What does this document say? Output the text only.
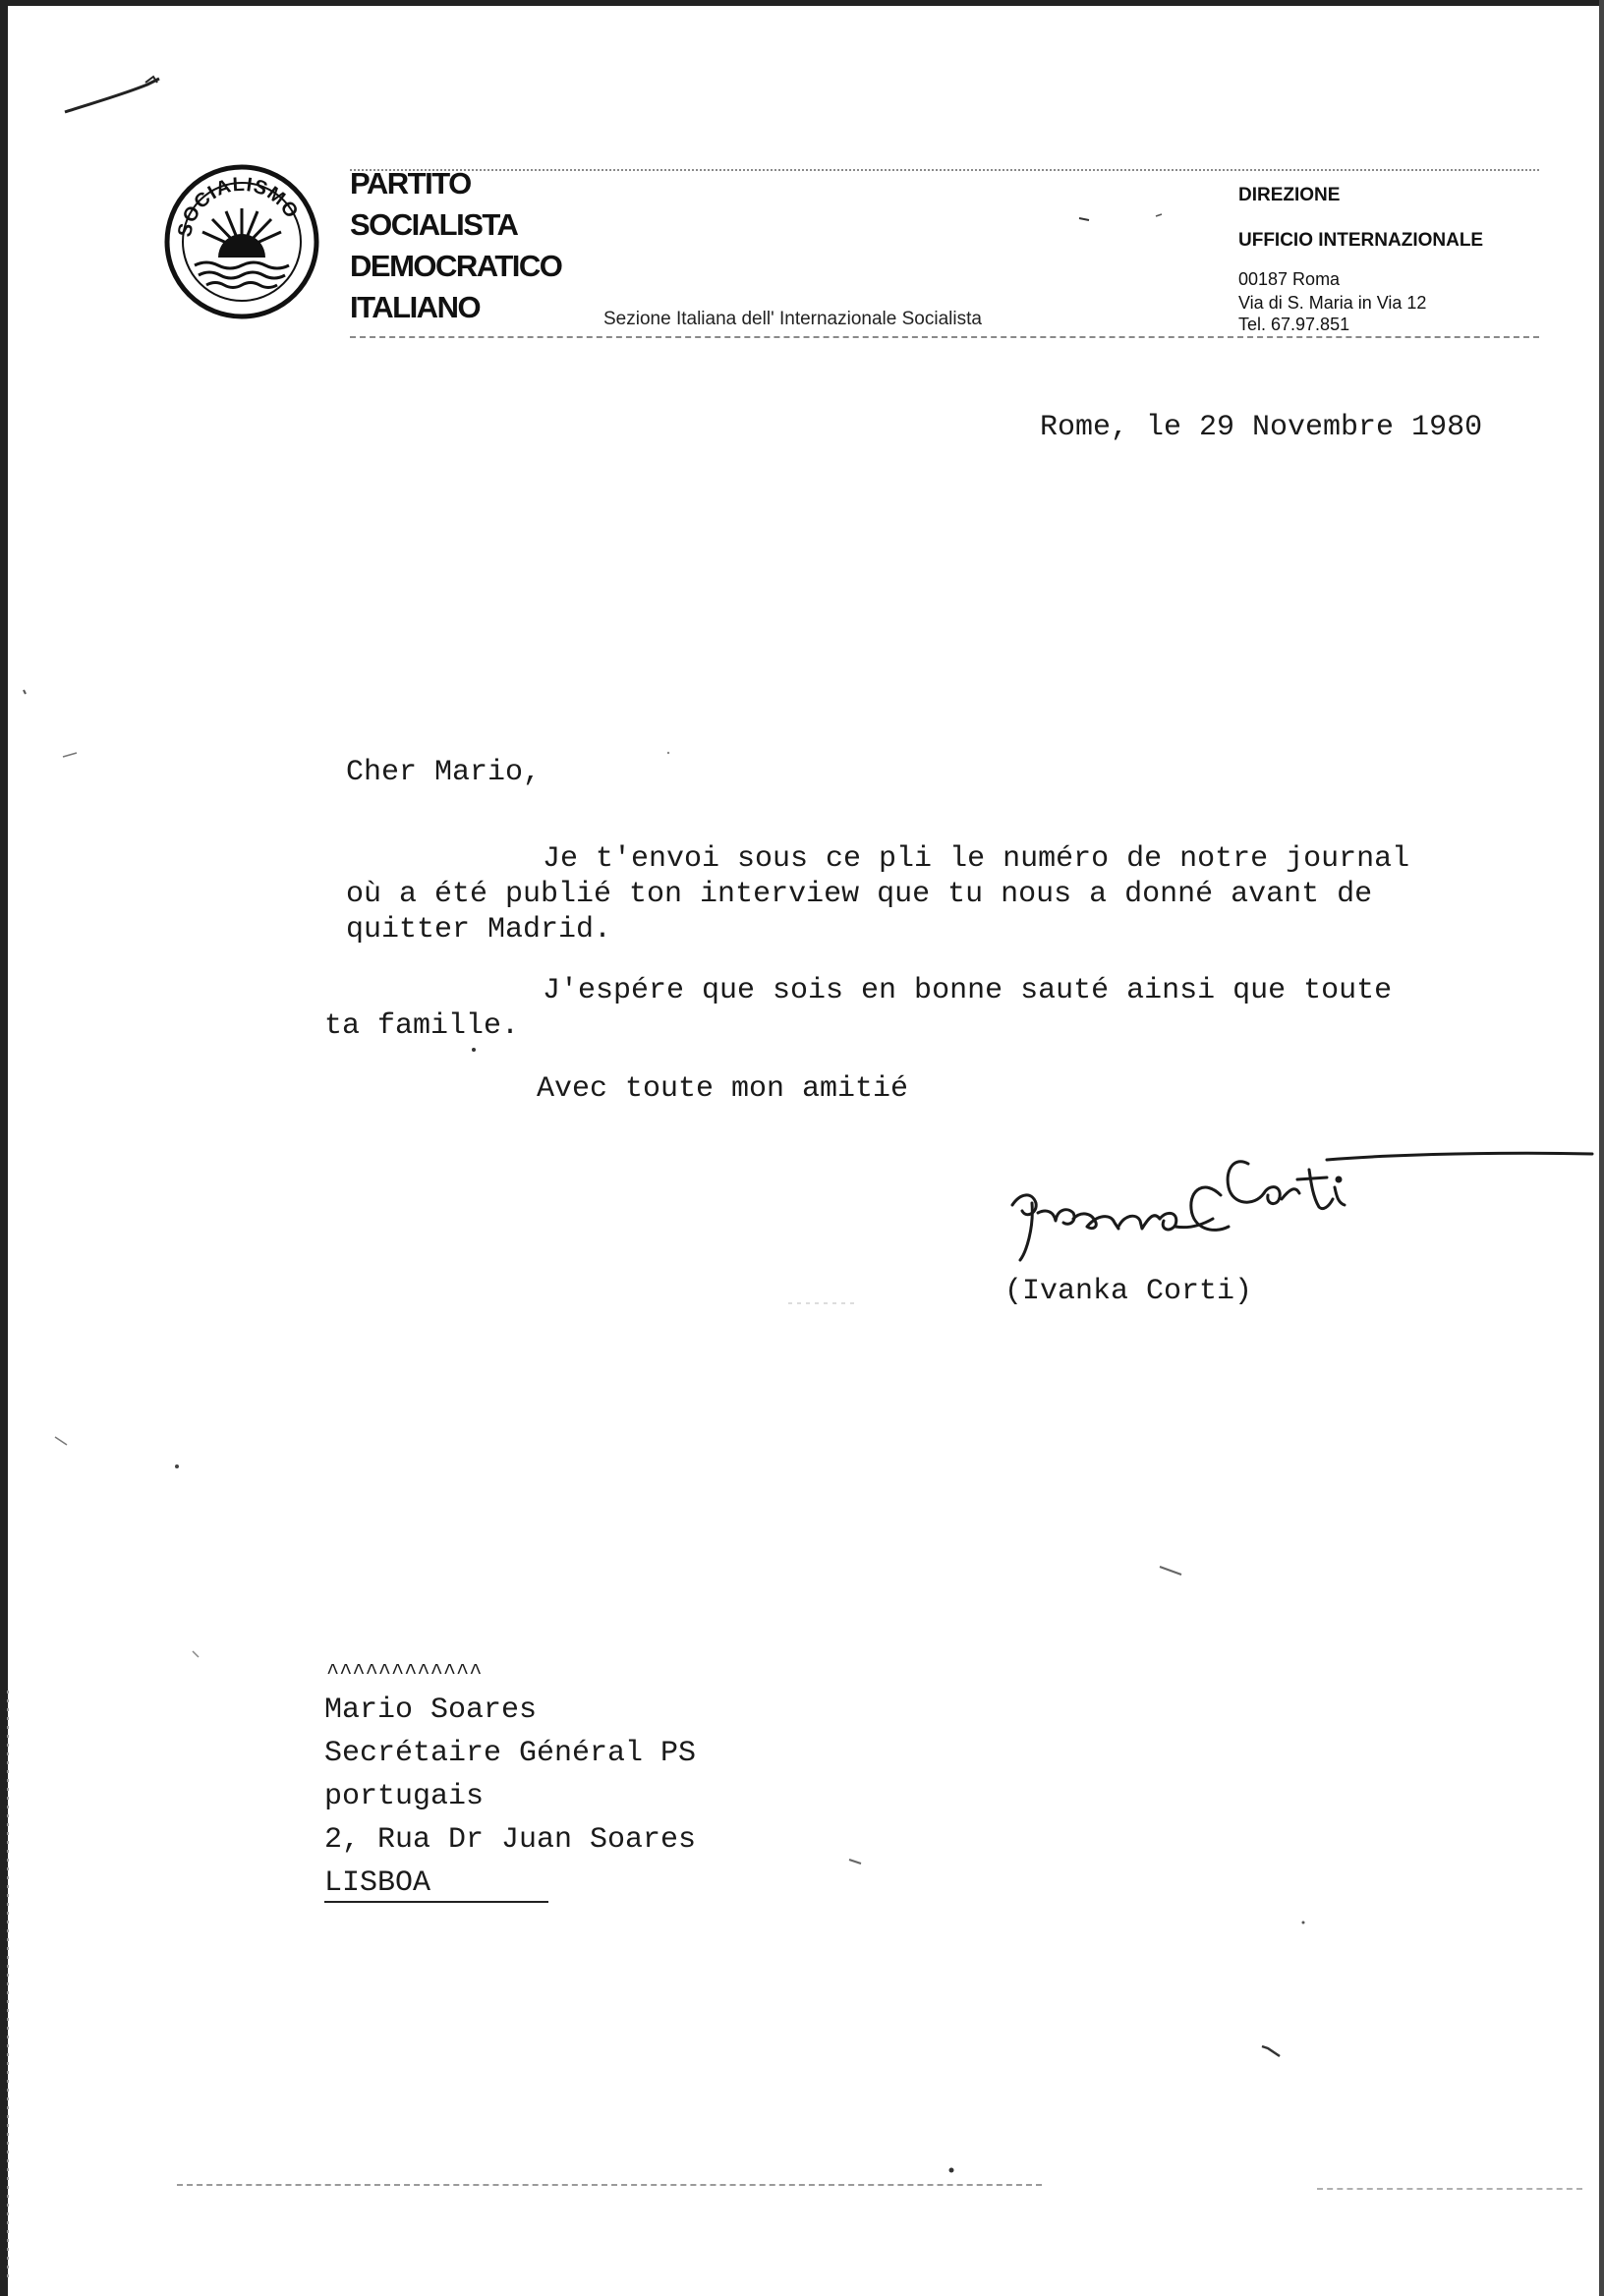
SOCIALISMO
PARTITO
SOCIALISTA
DEMOCRATICO
ITALIANO	Sezione Italiana dell' Internazionale Socialista
DIREZIONE
UFFICIO INTERNAZIONALE
00187 Roma
Via di S. Maria in Via 12
Tel. 67.97.851
Rome, le 29 Novembre 1980
Cher Mario,
Je t'envoi sous ce pli le numéro de notre journal
où a été publié ton interview que tu nous a donné avant de
quitter Madrid.
J'espére que sois en bonne sauté ainsi que toute
ta famille.
Avec toute mon amitié
Ivanka Corti
(Ivanka Corti)
^^^^^^^^^^^^
Mario Soares
Secrétaire Général PS
portugais
2, Rua Dr Juan Soares
LISBOA
